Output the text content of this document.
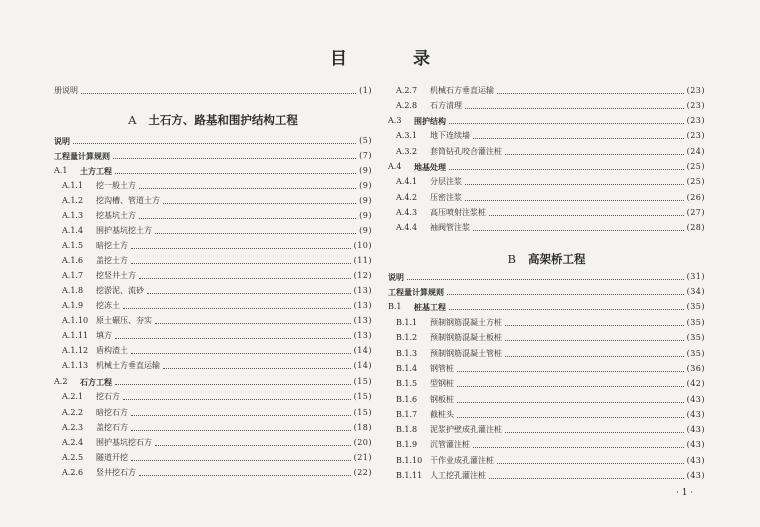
目 录
册说明	(1)
A 土石方、路基和围护结构工程
说明	(5)
工程量计算规则	(7)
A.1	土方工程	(9)
A.1.1	挖一般土方	(9)
A.1.2	挖沟槽、管道土方	(9)
A.1.3	挖基坑土方	(9)
A.1.4	围护基坑挖土方	(9)
A.1.5	暗挖土方	(10)
A.1.6	盖挖土方	(11)
A.1.7	挖竖井土方	(12)
A.1.8	挖淤泥、流砂	(13)
A.1.9	挖冻土	(13)
A.1.10 原土碾压、夯实	(13)
A.1.11 填方	(13)
A.1.12 盾构渣土	(14)
A.1.13 机械土方垂直运输	(14)
A.2	石方工程	(15)
A.2.1	挖石方	(15)
A.2.2	暗挖石方	(15)
A.2.3	盖挖石方	(18)
A.2.4	围护基坑挖石方	(20)
A.2.5	隧道开挖	(21)
A.2.6	竖井挖石方	(22)
A.2.7	机械石方垂直运输	(23)
A.2.8	石方清理	(23)
A.3	围护结构	(23)
A.3.1	地下连续墙	(23)
A.3.2	套筒钻孔咬合灌注桩	(24)
A.4	地基处理	(25)
A.4.1	分层注浆	(25)
A.4.2	压密注浆	(26)
A.4.3	高压喷射注浆桩	(27)
A.4.4	袖阀管注浆	(28)
B 高架桥工程
说明	(31)
工程量计算规则	(34)
B.1	桩基工程	(35)
B.1.1	预制钢筋混凝土方桩	(35)
B.1.2	预制钢筋混凝土板桩	(35)
B.1.3	预制钢筋混凝土管桩	(35)
B.1.4	钢管桩	(36)
B.1.5	型钢桩	(42)
B.1.6	钢板桩	(43)
B.1.7	截桩头	(43)
B.1.8	泥浆护壁成孔灌注桩	(43)
B.1.9	沉管灌注桩	(43)
B.1.10 干作业成孔灌注桩	(43)
B.1.11 人工挖孔灌注桩	(43)
· 1 ·
